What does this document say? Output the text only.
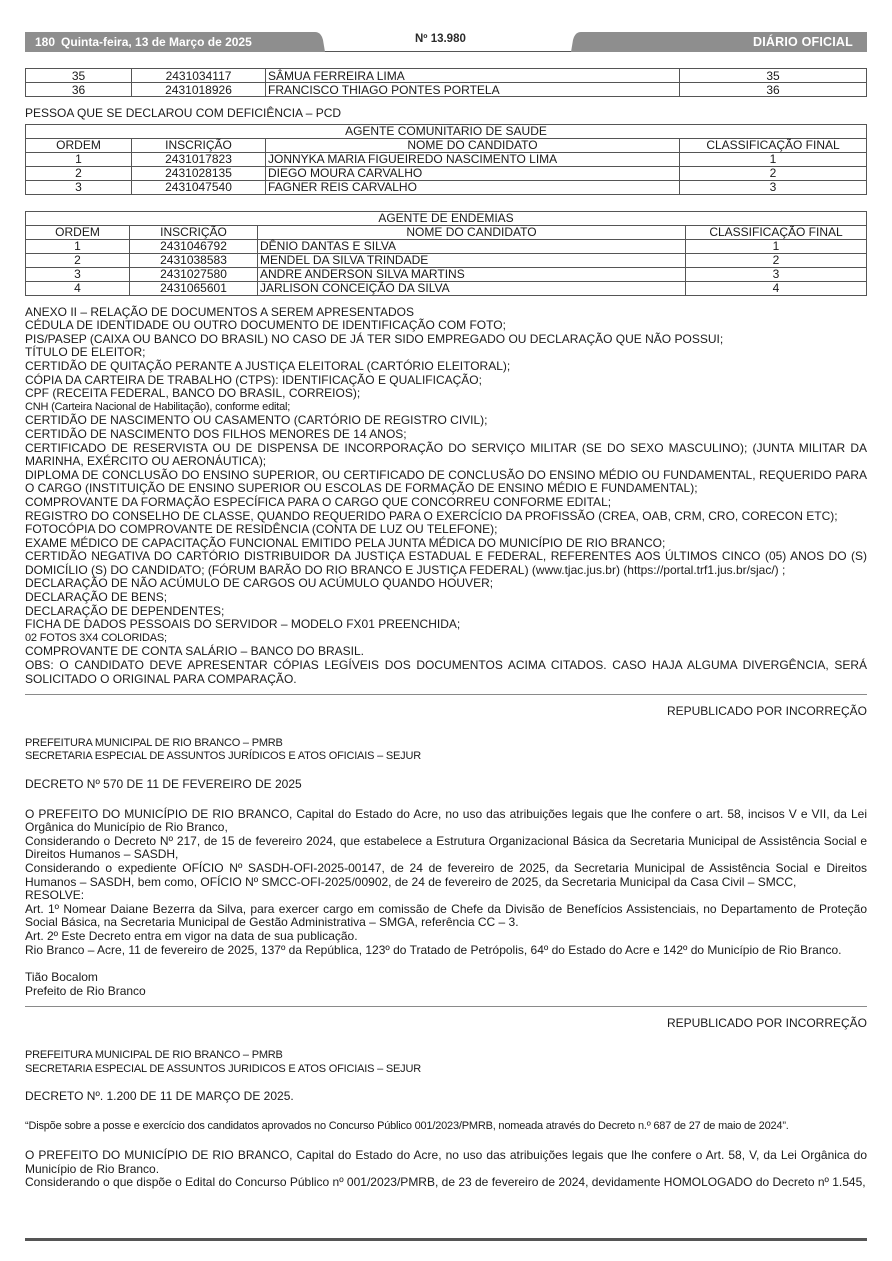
180 Quinta-feira, 13 de Março de 2025	Nº 13.980	DIÁRIO OFICIAL
35	2431034117	SÂMUA FERREIRA LIMA	35
36	2431018926	FRANCISCO THIAGO PONTES PORTELA	36
PESSOA QUE SE DECLAROU COM DEFICIÊNCIA – PCD
AGENTE COMUNITARIO DE SAUDE			
ORDEM	INSCRIÇÃO	NOME DO CANDIDATO	CLASSIFICAÇÃO FINAL
1	2431017823	JONNYKA MARIA FIGUEIREDO NASCIMENTO LIMA	1
2	2431028135	DIEGO MOURA CARVALHO	2
3	2431047540	FAGNER REIS CARVALHO	3
AGENTE DE ENDEMIAS			
ORDEM	INSCRIÇÃO	NOME DO CANDIDATO	CLASSIFICAÇÃO FINAL
1	2431046792	DÊNIO DANTAS E SILVA	1
2	2431038583	MENDEL DA SILVA TRINDADE	2
3	2431027580	ANDRE ANDERSON SILVA MARTINS	3
4	2431065601	JARLISON CONCEIÇÃO DA SILVA	4

ANEXO II – RELAÇÃO DE DOCUMENTOS A SEREM APRESENTADOS

CÉDULA DE IDENTIDADE OU OUTRO DOCUMENTO DE IDENTIFICAÇÃO COM FOTO;

PIS/PASEP (CAIXA OU BANCO DO BRASIL) NO CASO DE JÁ TER SIDO EMPREGADO OU DECLARAÇÃO QUE NÃO POSSUI;

TÍTULO DE ELEITOR;

CERTIDÃO DE QUITAÇÃO PERANTE A JUSTIÇA ELEITORAL (CARTÓRIO ELEITORAL);

CÓPIA DA CARTEIRA DE TRABALHO (CTPS): IDENTIFICAÇÃO E QUALIFICAÇÃO;

CPF (RECEITA FEDERAL, BANCO DO BRASIL, CORREIOS);

CNH (Carteira Nacional de Habilitação), conforme edital;

CERTIDÃO DE NASCIMENTO OU CASAMENTO (CARTÓRIO DE REGISTRO CIVIL);

CERTIDÃO DE NASCIMENTO DOS FILHOS MENORES DE 14 ANOS;

CERTIFICADO DE RESERVISTA OU DE DISPENSA DE INCORPORAÇÃO DO SERVIÇO MILITAR (SE DO SEXO MASCULINO); (JUNTA MILITAR DA MARINHA, EXÉRCITO OU AERONÁUTICA);

DIPLOMA DE CONCLUSÃO DO ENSINO SUPERIOR, OU CERTIFICADO DE CONCLUSÃO DO ENSINO MÉDIO OU FUNDAMENTAL, REQUERIDO PARA O CARGO (INSTITUIÇÃO DE ENSINO SUPERIOR OU ESCOLAS DE FORMAÇÃO DE ENSINO MÉDIO E FUNDAMENTAL);

COMPROVANTE DA FORMAÇÃO ESPECÍFICA PARA O CARGO QUE CONCORREU CONFORME EDITAL;

REGISTRO DO CONSELHO DE CLASSE, QUANDO REQUERIDO PARA O EXERCÍCIO DA PROFISSÃO (CREA, OAB, CRM, CRO, CORECON ETC);

FOTOCÓPIA DO COMPROVANTE DE RESIDÊNCIA (CONTA DE LUZ OU TELEFONE);

EXAME MÉDICO DE CAPACITAÇÃO FUNCIONAL EMITIDO PELA JUNTA MÉDICA DO MUNICÍPIO DE RIO BRANCO;

CERTIDÃO NEGATIVA DO CARTÓRIO DISTRIBUIDOR DA JUSTIÇA ESTADUAL E FEDERAL, REFERENTES AOS ÚLTIMOS CINCO (05) ANOS DO (S) DOMICÍLIO (S) DO CANDIDATO; (FÓRUM BARÃO DO RIO BRANCO E JUSTIÇA FEDERAL) (www.tjac.jus.br) (https://portal.trf1.jus.br/sjac/) ;

DECLARAÇÃO DE NÃO ACÚMULO DE CARGOS OU ACÚMULO QUANDO HOUVER;

DECLARAÇÃO DE BENS;

DECLARAÇÃO DE DEPENDENTES;

FICHA DE DADOS PESSOAIS DO SERVIDOR – MODELO FX01 PREENCHIDA;

02 FOTOS 3X4 COLORIDAS;

COMPROVANTE DE CONTA SALÁRIO – BANCO DO BRASIL.

OBS: O CANDIDATO DEVE APRESENTAR CÓPIAS LEGÍVEIS DOS DOCUMENTOS ACIMA CITADOS. CASO HAJA ALGUMA DIVERGÊNCIA, SERÁ SOLICITADO O ORIGINAL PARA COMPARAÇÃO.

REPUBLICADO POR INCORREÇÃO

PREFEITURA MUNICIPAL DE RIO BRANCO – PMRB

SECRETARIA ESPECIAL DE ASSUNTOS JURÍDICOS E ATOS OFICIAIS – SEJUR

DECRETO Nº 570 DE 11 DE FEVEREIRO DE 2025

O PREFEITO DO MUNICÍPIO DE RIO BRANCO, Capital do Estado do Acre, no uso das atribuições legais que lhe confere o art. 58, incisos V e VII, da Lei Orgânica do Município de Rio Branco,

Considerando o Decreto Nº 217, de 15 de fevereiro 2024, que estabelece a Estrutura Organizacional Básica da Secretaria Municipal de Assistência Social e Direitos Humanos – SASDH,

Considerando o expediente OFÍCIO Nº SASDH-OFI-2025-00147, de 24 de fevereiro de 2025, da Secretaria Municipal de Assistência Social e Direitos Humanos – SASDH, bem como, OFÍCIO Nº SMCC-OFI-2025/00902, de 24 de fevereiro de 2025, da Secretaria Municipal da Casa Civil – SMCC,

RESOLVE:

Art. 1º Nomear Daiane Bezerra da Silva, para exercer cargo em comissão de Chefe da Divisão de Benefícios Assistenciais, no Departamento de Proteção Social Básica, na Secretaria Municipal de Gestão Administrativa – SMGA, referência CC – 3.

Art. 2º Este Decreto entra em vigor na data de sua publicação.

Rio Branco – Acre, 11 de fevereiro de 2025, 137º da República, 123º do Tratado de Petrópolis, 64º do Estado do Acre e 142º do Município de Rio Branco.

Tião Bocalom

Prefeito de Rio Branco

REPUBLICADO POR INCORREÇÃO

PREFEITURA MUNICIPAL DE RIO BRANCO – PMRB

SECRETARIA ESPECIAL DE ASSUNTOS JURIDICOS E ATOS OFICIAIS – SEJUR

DECRETO Nº. 1.200 DE 11 DE MARÇO DE 2025.

“Dispõe sobre a posse e exercício dos candidatos aprovados no Concurso Público 001/2023/PMRB, nomeada através do Decreto n.º 687 de 27 de maio de 2024”.

O PREFEITO DO MUNICÍPIO DE RIO BRANCO, Capital do Estado do Acre, no uso das atribuições legais que lhe confere o Art. 58, V, da Lei Orgânica do Município de Rio Branco.

Considerando o que dispõe o Edital do Concurso Público nº 001/2023/PMRB, de 23 de fevereiro de 2024, devidamente HOMOLOGADO do Decreto nº 1.545,
